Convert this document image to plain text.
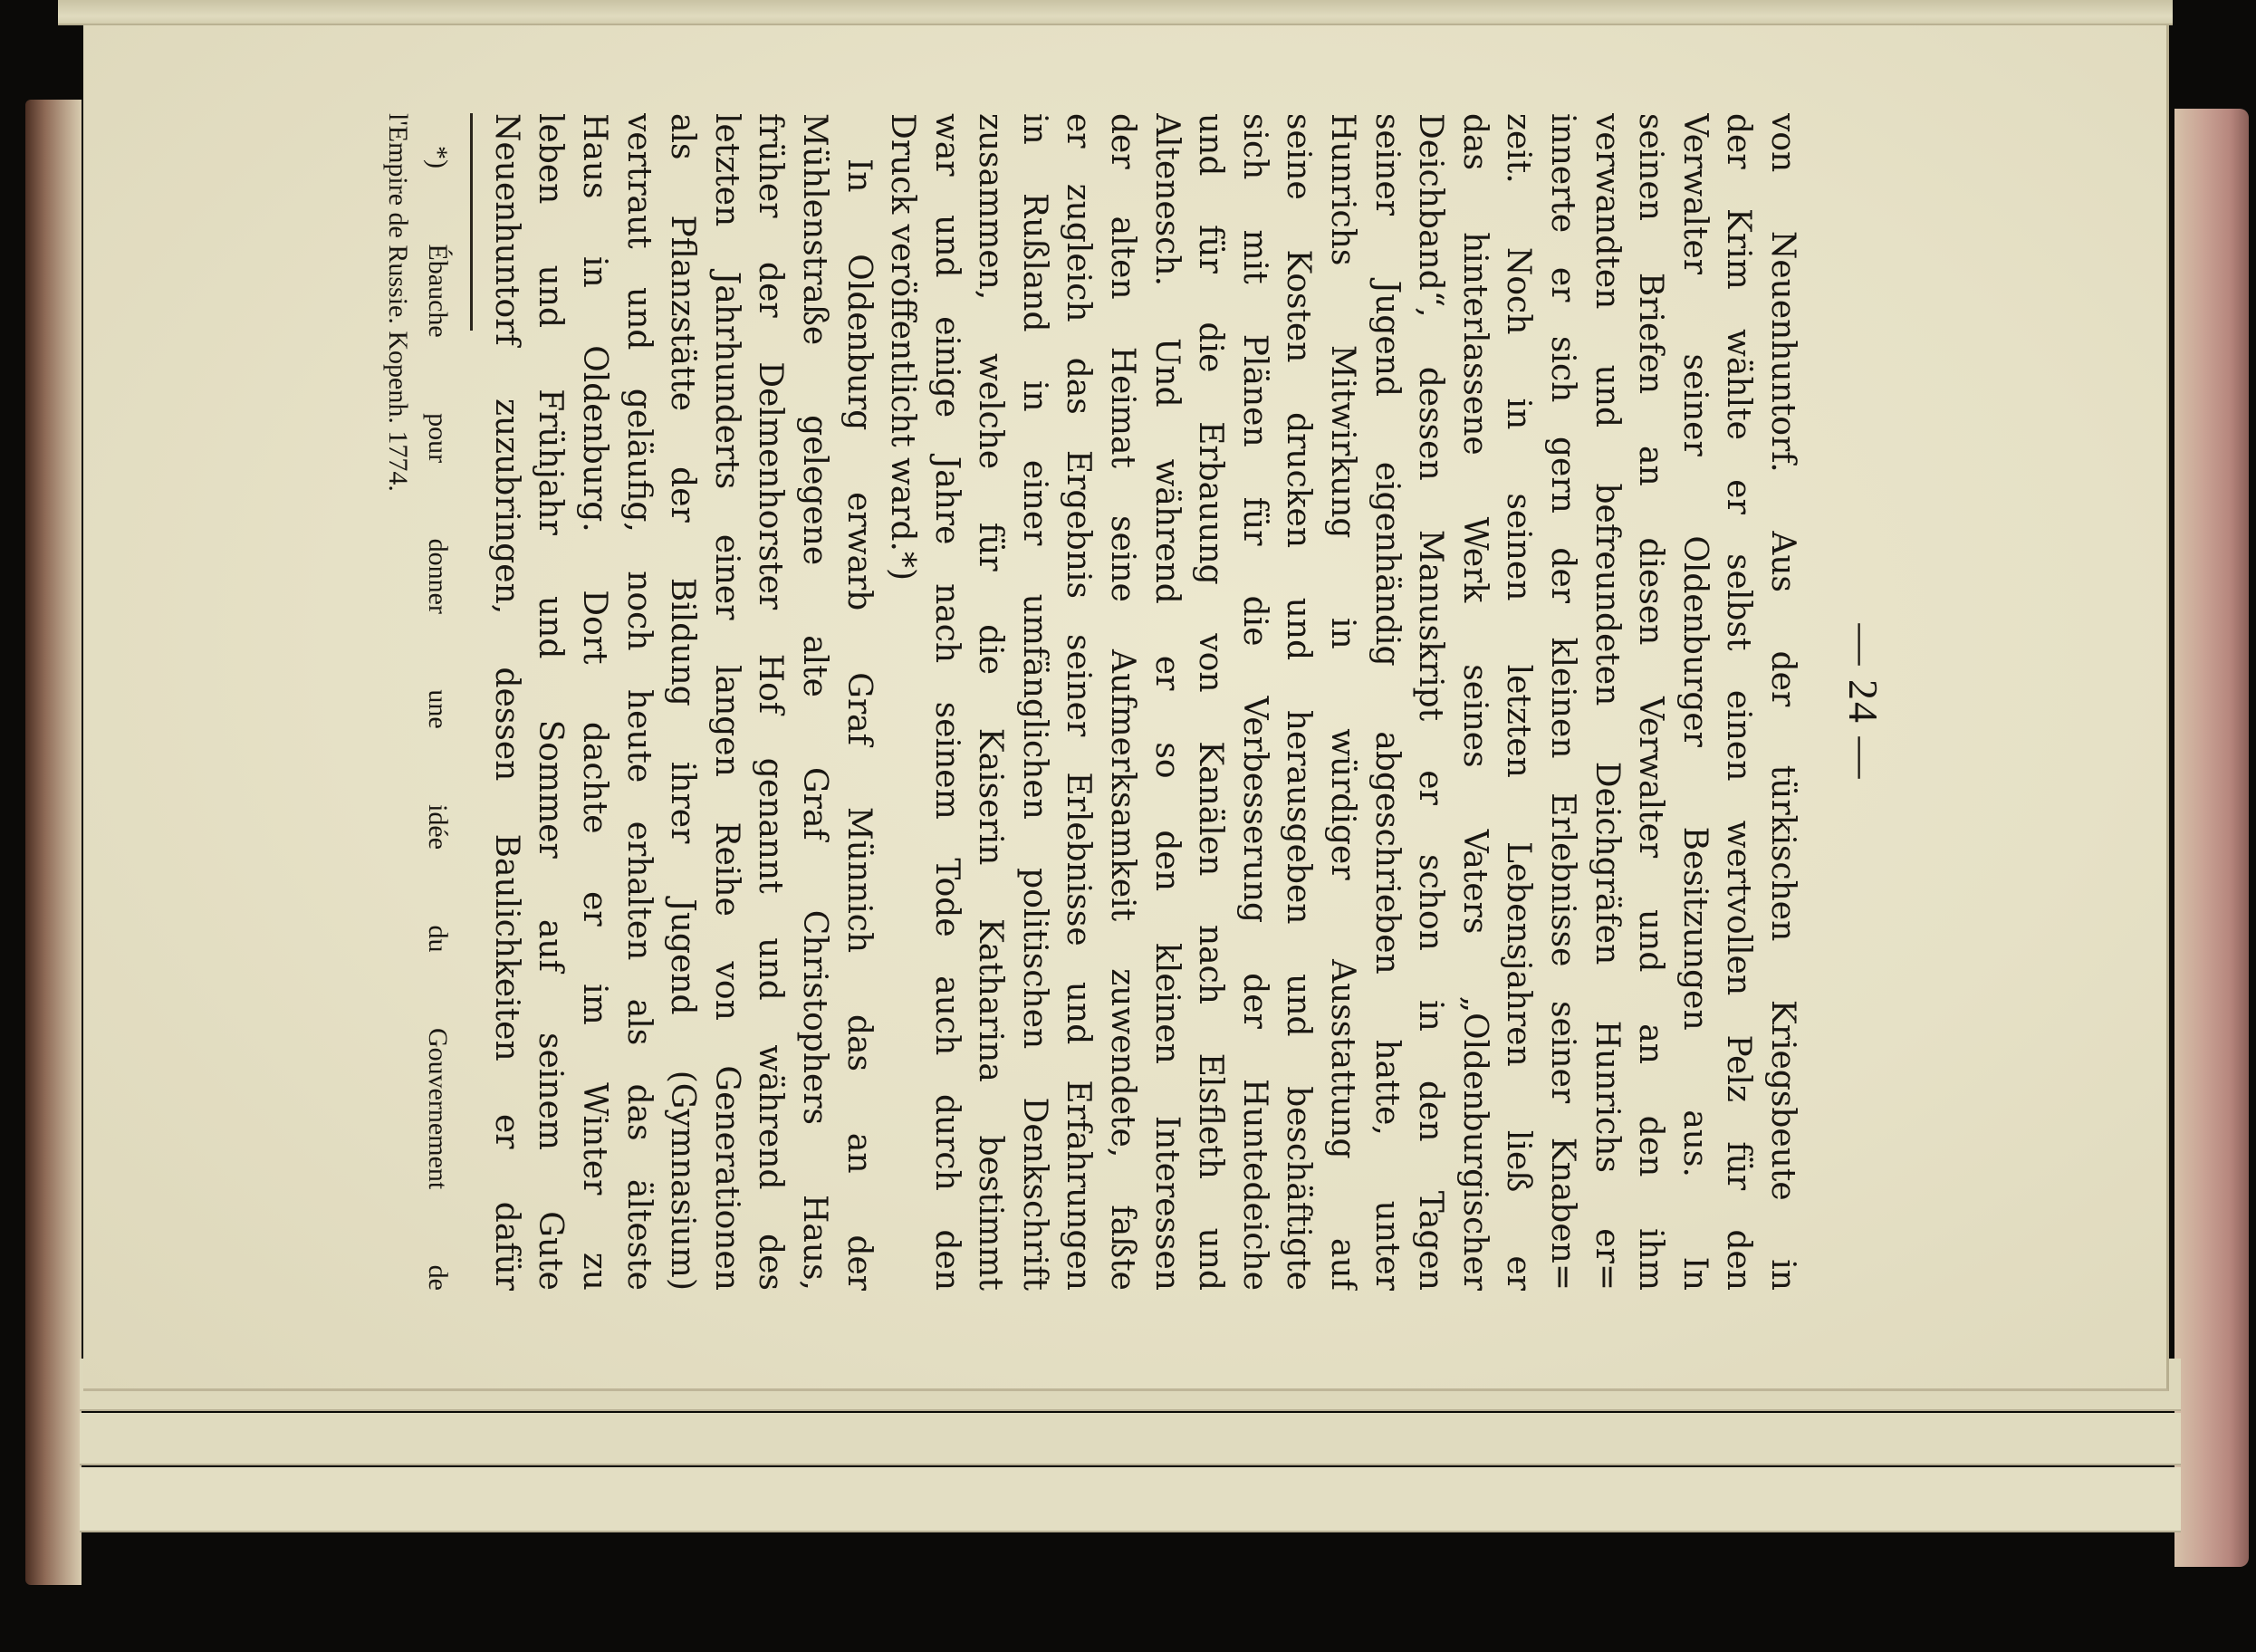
— 24 —
von Neuenhuntorf. Aus der türkischen Kriegsbeute in
der Krim wählte er selbst einen wertvollen Pelz für den
Verwalter seiner Oldenburger Besitzungen aus. In
seinen Briefen an diesen Verwalter und an den ihm
verwandten und befreundeten Deichgräfen Hunrichs er=
innerte er sich gern der kleinen Erlebnisse seiner Knaben=
zeit. Noch in seinen letzten Lebensjahren ließ er
das hinterlassene Werk seines Vaters „Oldenburgischer
Deichband“, dessen Manuskript er schon in den Tagen
seiner Jugend eigenhändig abgeschrieben hatte, unter
Hunrichs Mitwirkung in würdiger Ausstattung auf
seine Kosten drucken und herausgeben und beschäftigte
sich mit Plänen für die Verbesserung der Huntedeiche
und für die Erbauung von Kanälen nach Elsfleth und
Altenesch. Und während er so den kleinen Interessen
der alten Heimat seine Aufmerksamkeit zuwendete, faßte
er zugleich das Ergebnis seiner Erlebnisse und Erfahrungen
in Rußland in einer umfänglichen politischen Denkschrift
zusammen, welche für die Kaiserin Katharina bestimmt
war und einige Jahre nach seinem Tode auch durch den
Druck veröffentlicht ward.*)
In Oldenburg erwarb Graf Münnich das an der
Mühlenstraße gelegene alte Graf Christophers Haus,
früher der Delmenhorster Hof genannt und während des
letzten Jahrhunderts einer langen Reihe von Generationen
als Pflanzstätte der Bildung ihrer Jugend (Gymnasium)
vertraut und geläufig, noch heute erhalten als das älteste
Haus in Oldenburg. Dort dachte er im Winter zu
leben und Frühjahr und Sommer auf seinem Gute
Neuenhuntorf zuzubringen, dessen Baulichkeiten er dafür
*) Ébauche pour donner une idée du Gouvernement de
l'Empire de Russie. Kopenh. 1774.
